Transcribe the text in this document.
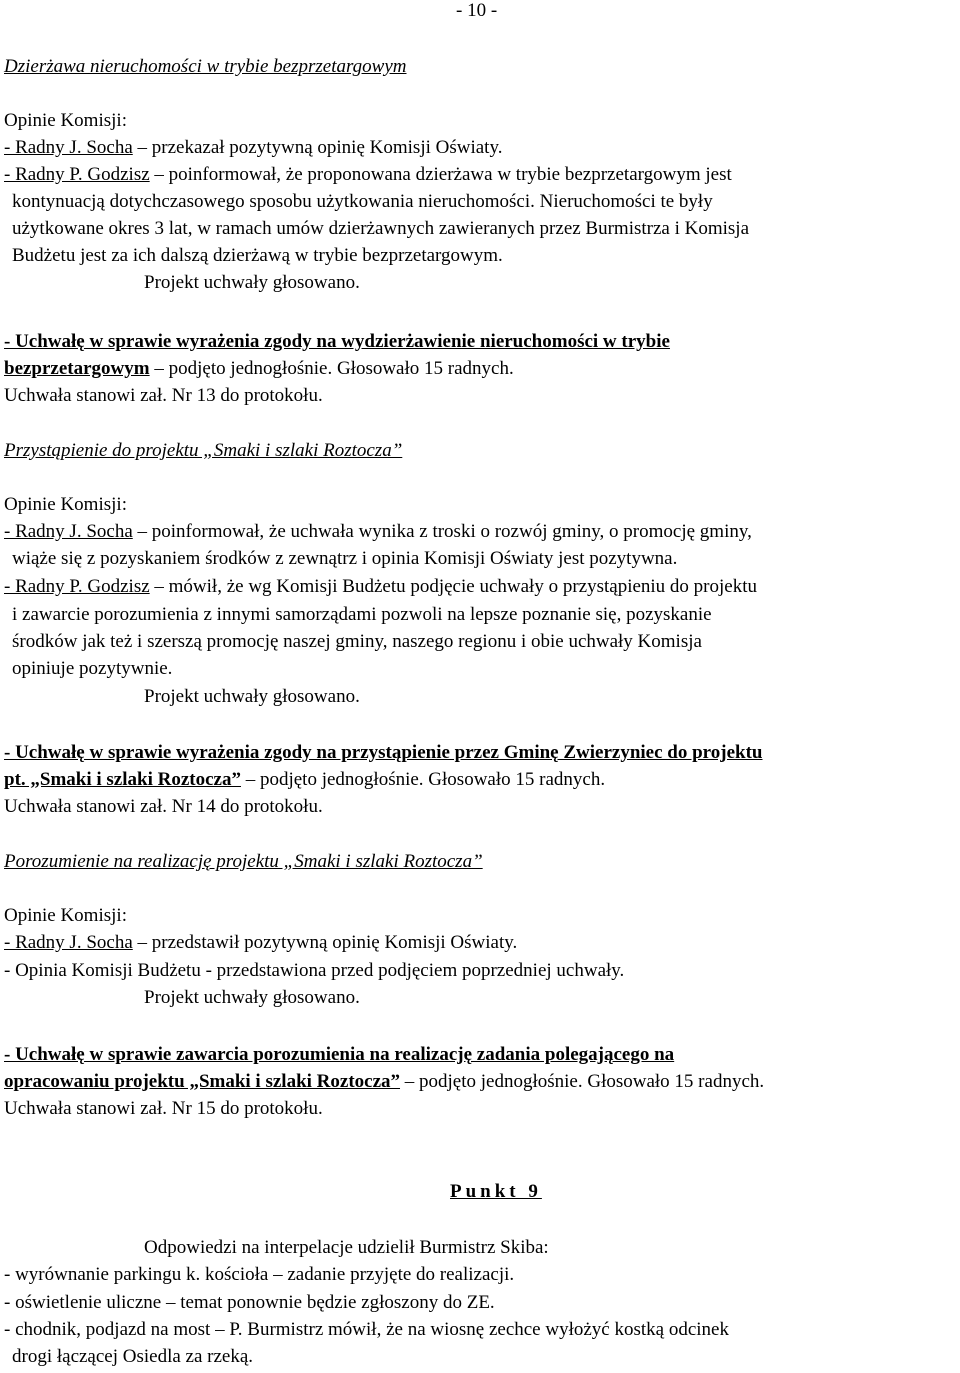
- 10 -
Dzierżawa nieruchomości w trybie bezprzetargowym
Opinie Komisji:
- Radny J. Socha – przekazał pozytywną opinię Komisji Oświaty.
- Radny P. Godzisz – poinformował, że proponowana dzierżawa w trybie bezprzetargowym jest
kontynuacją dotychczasowego sposobu użytkowania nieruchomości. Nieruchomości te były
użytkowane okres 3 lat, w ramach umów dzierżawnych zawieranych przez Burmistrza i Komisja
Budżetu jest za ich dalszą dzierżawą w trybie bezprzetargowym.
Projekt uchwały głosowano.
- Uchwałę w sprawie wyrażenia zgody na wydzierżawienie nieruchomości w trybie
bezprzetargowym – podjęto jednogłośnie. Głosowało 15 radnych.
Uchwała stanowi zał. Nr 13 do protokołu.
Przystąpienie do projektu „Smaki i szlaki Roztocza”
Opinie Komisji:
- Radny J. Socha – poinformował, że uchwała wynika z troski o rozwój gminy, o promocję gminy,
wiąże się z pozyskaniem środków z zewnątrz i opinia Komisji Oświaty jest pozytywna.
- Radny P. Godzisz – mówił, że wg Komisji Budżetu podjęcie uchwały o przystąpieniu do projektu
i zawarcie porozumienia z innymi samorządami pozwoli na lepsze poznanie się, pozyskanie
środków jak też i szerszą promocję naszej gminy, naszego regionu i obie uchwały Komisja
opiniuje pozytywnie.
Projekt uchwały głosowano.
- Uchwałę w sprawie wyrażenia zgody na przystąpienie przez Gminę Zwierzyniec do projektu
pt. „Smaki i szlaki Roztocza” – podjęto jednogłośnie. Głosowało 15 radnych.
Uchwała stanowi zał. Nr 14 do protokołu.
Porozumienie na realizację projektu „Smaki i szlaki Roztocza”
Opinie Komisji:
- Radny J. Socha – przedstawił pozytywną opinię Komisji Oświaty.
- Opinia Komisji Budżetu - przedstawiona przed podjęciem poprzedniej uchwały.
Projekt uchwały głosowano.
- Uchwałę w sprawie zawarcia porozumienia na realizację zadania polegającego na
opracowaniu projektu „Smaki i szlaki Roztocza” – podjęto jednogłośnie. Głosowało 15 radnych.
Uchwała stanowi zał. Nr 15 do protokołu.
Punkt 9
Odpowiedzi na interpelacje udzielił Burmistrz Skiba:
- wyrównanie parkingu k. kościoła – zadanie przyjęte do realizacji.
- oświetlenie uliczne – temat ponownie będzie zgłoszony do ZE.
- chodnik, podjazd na most – P. Burmistrz mówił, że na wiosnę zechce wyłożyć kostką odcinek
drogi łączącej Osiedla za rzeką.
